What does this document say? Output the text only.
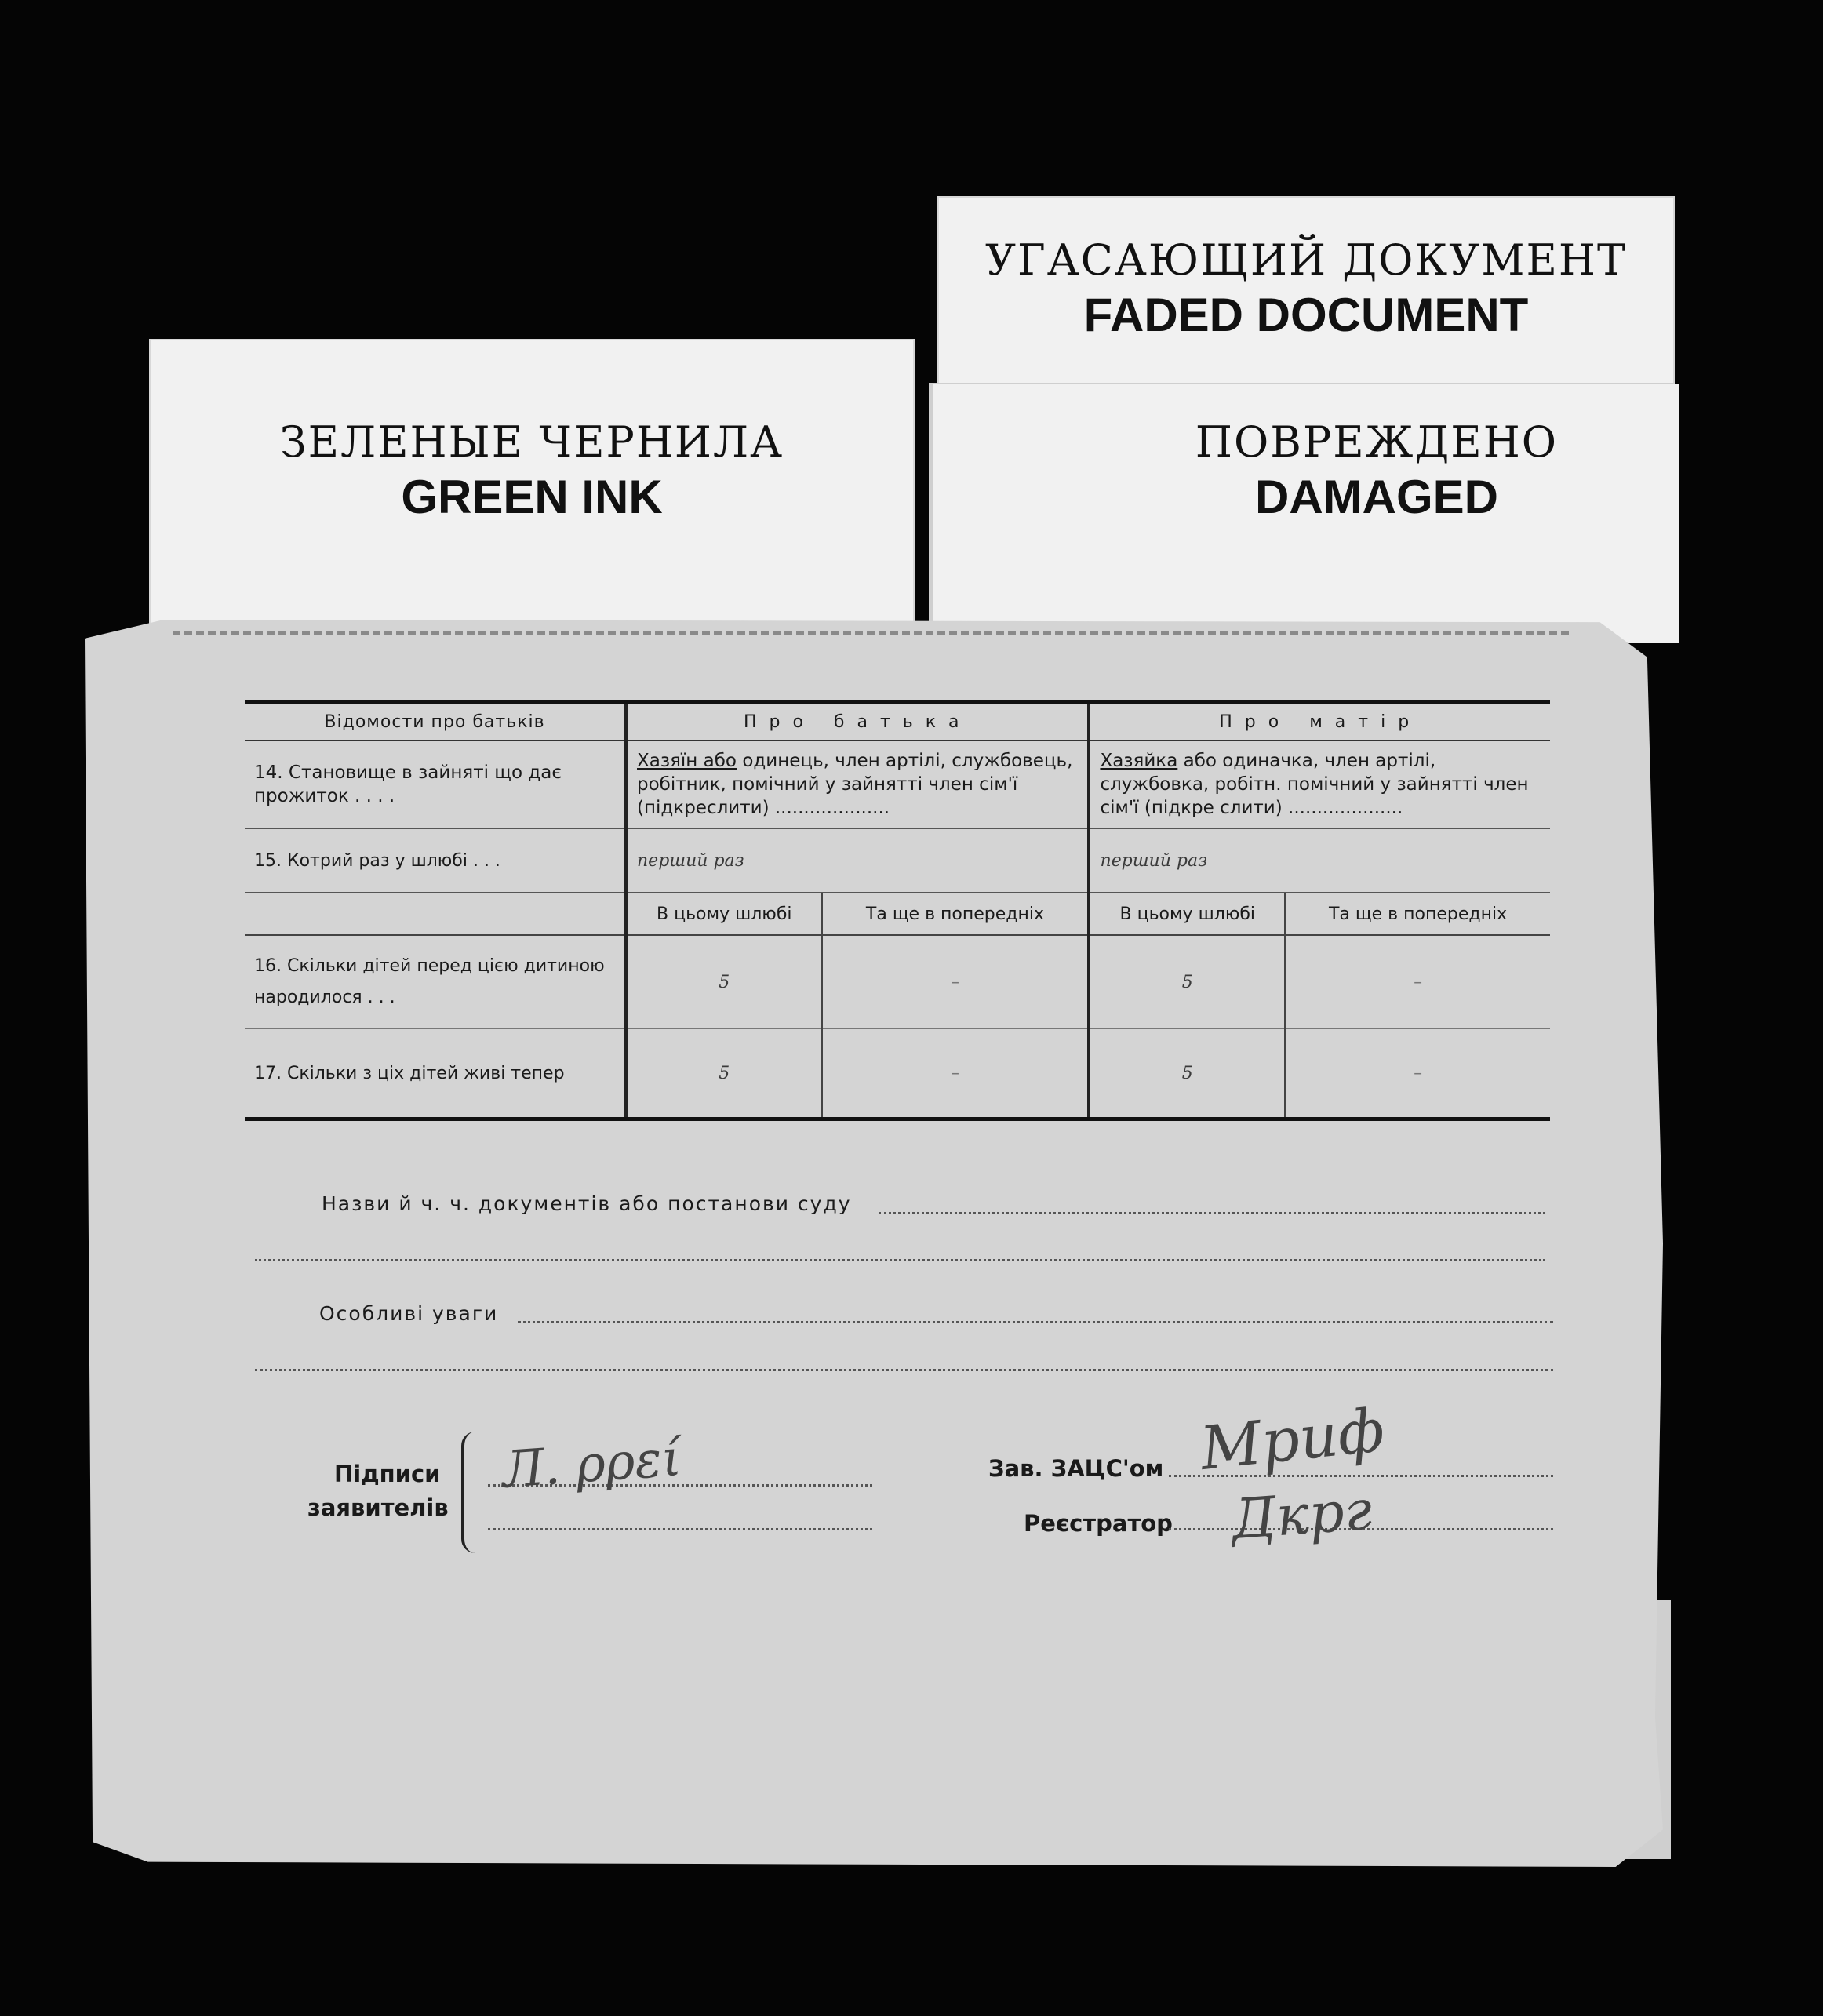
УГАСАЮЩИЙ ДОКУМЕНТ
FADED DOCUMENT
ЗЕЛЕНЫЕ ЧЕРНИЛА
GREEN INK
ПОВРЕЖДЕНО
DAMAGED
Відомости про батьків	Про батька		Про матір	
14. Становище в зайняті що дає прожиток . . . .	Хазяїн або одинець, член артілі, службовець, робітник, помічний у зайнятті член сім'ї (підкреслити) ....................		Хазяйка або одиначка, член артілі, службовка, робітн. помічний у зайнятті член сім'ї (підкре слити) ....................	
15. Котрий раз у шлюбі . . .	перший раз		перший раз	
	В цьому шлюбі	Та ще в попередніх	В цьому шлюбі	Та ще в попередніх
16. Скільки дітей перед цією дитиною народилося . . .	5	–	5	–
17. Скільки з ціх дітей живі тепер	5	–	5	–
Назви й ч. ч. документів або постанови суду
Особливі уваги
Підписи
заявителів
Л. ρρεί	Зав. ЗАЦС'ом
Реєстратор
Мриф
Дкрг
